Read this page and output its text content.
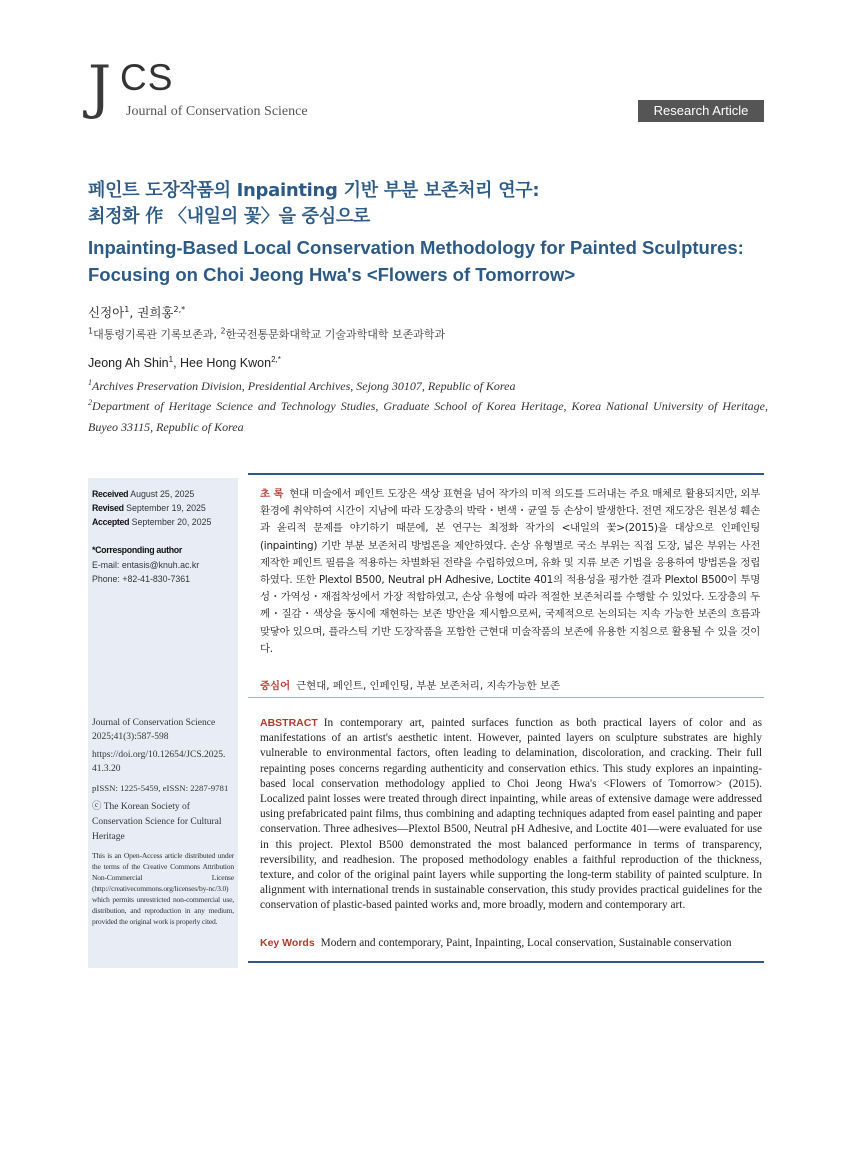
J CS
Journal of Conservation Science	Research Article
페인트 도장작품의 Inpainting 기반 부분 보존처리 연구:
최정화 作 〈내일의 꽃〉을 중심으로
Inpainting-Based Local Conservation Methodology for Painted Sculptures:
Focusing on Choi Jeong Hwa's <Flowers of Tomorrow>
신정아$^1$, 권희홍$^{2,*}$
$^1$대통령기록관 기록보존과, $^2$한국전통문화대학교 기술과학대학 보존과학과
Jeong Ah Shin$^1$, Hee Hong Kwon$^{2,*}$
$^1$Archives Preservation Division, Presidential Archives, Sejong 30107, Republic of Korea
$^2$Department of Heritage Science and Technology Studies, Graduate School of Korea Heritage, Korea National University of Heritage, Buyeo 33115, Republic of Korea
Received August 25, 2025
Revised September 19, 2025
Accepted September 20, 2025
*Corresponding author
E-mail: entasis@knuh.ac.kr
Phone: +82-41-830-7361
Journal of Conservation Science
2025;41(3):587-598
https://doi.org/10.12654/JCS.2025.
41.3.20
pISSN: 1225-5459, eISSN: 2287-9781
ⓒ The Korean Society of Conservation Science for Cultural Heritage
This is an Open-Access article distributed under the terms of the Creative Commons Attribution Non-Commercial License (http://creativecommons.org/licenses/by-nc/3.0) which permits unrestricted non-commercial use, distribution, and reproduction in any medium, provided the original work is properly cited.
초 록 현대 미술에서 페인트 도장은 색상 표현을 넘어 작가의 미적 의도를 드러내는 주요 매체로 활용되지만, 외부 환경에 취약하여 시간이 지남에 따라 도장층의 박락・변색・균열 등 손상이 발생한다. 전면 재도장은 원본성 훼손과 윤리적 문제를 야기하기 때문에, 본 연구는 최정화 작가의 <내일의 꽃>(2015)을 대상으로 인페인팅(inpainting) 기반 부분 보존처리 방법론을 제안하였다. 손상 유형별로 국소 부위는 직접 도장, 넓은 부위는 사전 제작한 페인트 필름을 적용하는 차별화된 전략을 수립하였으며, 유화 및 지류 보존 기법을 응용하여 방법론을 정립하였다. 또한 Plextol B500, Neutral pH Adhesive, Loctite 401의 적용성을 평가한 결과 Plextol B500이 투명성・가역성・재접착성에서 가장 적합하였고, 손상 유형에 따라 적절한 보존처리를 수행할 수 있었다. 도장층의 두께・질감・색상을 동시에 재현하는 보존 방안을 제시함으로써, 국제적으로 논의되는 지속 가능한 보존의 흐름과 맞닿아 있으며, 플라스틱 기반 도장작품을 포함한 근현대 미술작품의 보존에 유용한 지침으로 활용될 수 있을 것이다.
중심어 근현대, 페인트, 인페인팅, 부분 보존처리, 지속가능한 보존
ABSTRACT In contemporary art, painted surfaces function as both practical layers of color and as manifestations of an artist's aesthetic intent. However, painted layers on sculpture substrates are highly vulnerable to environmental factors, often leading to delamination, discoloration, and cracking. Their full repainting poses concerns regarding authenticity and conservation ethics. This study explores an inpainting-based local conservation methodology applied to Choi Jeong Hwa's <Flowers of Tomorrow> (2015). Localized paint losses were treated through direct inpainting, while areas of extensive damage were addressed using prefabricated paint films, thus combining and adapting techniques adapted from easel painting and paper conservation. Three adhesives—Plextol B500, Neutral pH Adhesive, and Loctite 401—were evaluated for use in this project. Plextol B500 demonstrated the most balanced performance in terms of transparency, reversibility, and readhesion. The proposed methodology enables a faithful reproduction of the thickness, texture, and color of the original paint layers while supporting the long-term stability of painted sculpture. In alignment with international trends in sustainable conservation, this study provides practical guidelines for the conservation of plastic-based painted works and, more broadly, modern and contemporary art.
Key Words Modern and contemporary, Paint, Inpainting, Local conservation, Sustainable conservation
